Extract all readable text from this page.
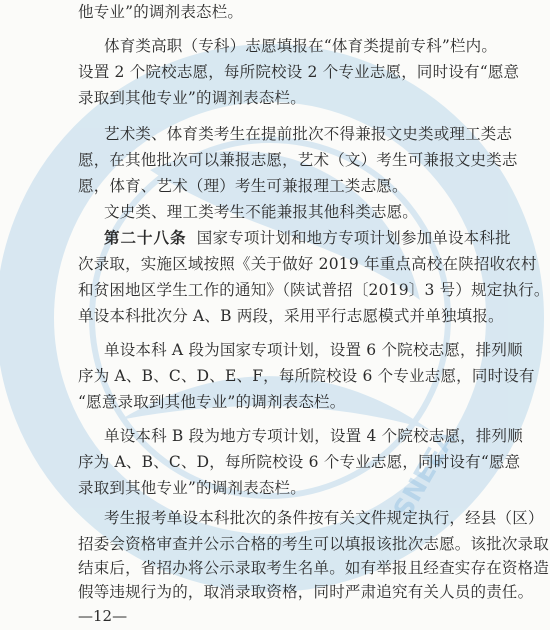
SNEEA
他专业”的调剂表态栏。
体育类高职（专科）志愿填报在“体育类提前专科”栏内。
设置 2 个院校志愿，每所院校设 2 个专业志愿，同时设有“愿意
录取到其他专业”的调剂表态栏。
艺术类、体育类考生在提前批次不得兼报文史类或理工类志
愿，在其他批次可以兼报志愿，艺术（文）考生可兼报文史类志
愿，体育、艺术（理）考生可兼报理工类志愿。
文史类、理工类考生不能兼报其他科类志愿。
第二十八条 国家专项计划和地方专项计划参加单设本科批
次录取，实施区域按照《关于做好 2019 年重点高校在陕招收农村
和贫困地区学生工作的通知》（陕试普招〔2019〕3 号）规定执行。
单设本科批次分 A、B 两段，采用平行志愿模式并单独填报。
单设本科 A 段为国家专项计划，设置 6 个院校志愿，排列顺
序为 A、B、C、D、E、F，每所院校设 6 个专业志愿，同时设有
“愿意录取到其他专业”的调剂表态栏。
单设本科 B 段为地方专项计划，设置 4 个院校志愿，排列顺
序为 A、B、C、D，每所院校设 6 个专业志愿，同时设有“愿意
录取到其他专业”的调剂表态栏。
考生报考单设本科批次的条件按有关文件规定执行，经县（区）
招委会资格审查并公示合格的考生可以填报该批次志愿。该批次录取
结束后，省招办将公示录取考生名单。如有举报且经查实存在资格造
假等违规行为的，取消录取资格，同时严肃追究有关人员的责任。
—12—
